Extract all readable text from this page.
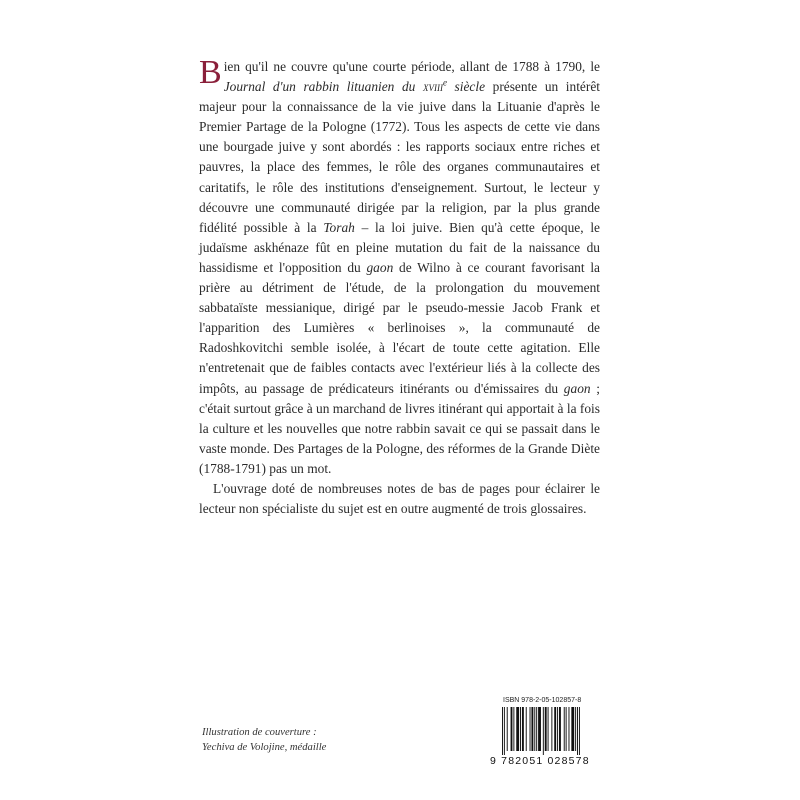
Bien qu'il ne couvre qu'une courte période, allant de 1788 à 1790, le Journal d'un rabbin lituanien du xviii$^e$ siècle présente un intérêt majeur pour la connaissance de la vie juive dans la Lituanie d'après le Premier Partage de la Pologne (1772). Tous les aspects de cette vie dans une bourgade juive y sont abordés : les rapports sociaux entre riches et pauvres, la place des femmes, le rôle des organes communautaires et caritatifs, le rôle des institutions d'enseignement. Surtout, le lecteur y découvre une communauté dirigée par la religion, par la plus grande fidélité possible à la Torah – la loi juive. Bien qu'à cette époque, le judaïsme askhénaze fût en pleine mutation du fait de la naissance du hassidisme et l'opposition du gaon de Wilno à ce courant favorisant la prière au détriment de l'étude, de la prolongation du mouvement sabbataïste messianique, dirigé par le pseudo-messie Jacob Frank et l'apparition des Lumières « berlinoises », la communauté de Radoshkovitchi semble isolée, à l'écart de toute cette agitation. Elle n'entretenait que de faibles contacts avec l'extérieur liés à la collecte des impôts, au passage de prédicateurs itinérants ou d'émissaires du gaon ; c'était surtout grâce à un marchand de livres itinérant qui apportait à la fois la culture et les nouvelles que notre rabbin savait ce qui se passait dans le vaste monde. Des Partages de la Pologne, des réformes de la Grande Diète (1788-1791) pas un mot.

L'ouvrage doté de nombreuses notes de bas de pages pour éclairer le lecteur non spécialiste du sujet est en outre augmenté de trois glossaires.

Illustration de couverture :
Yechiva de Volojine, médaille
ISBN 978-2-05-102857-8
9 782051 028578
